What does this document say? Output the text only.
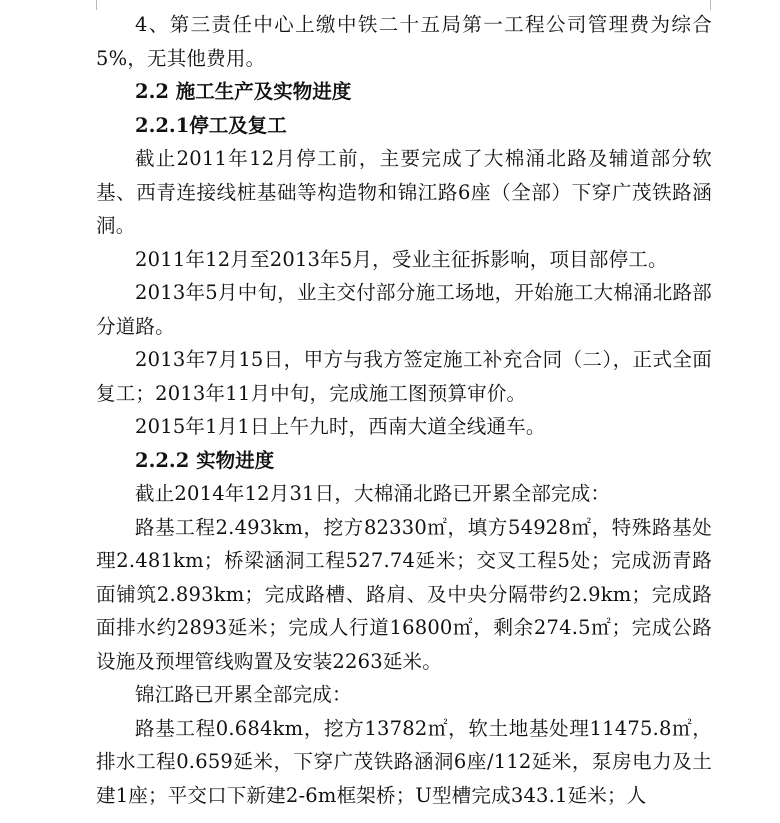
4、第三责任中心上缴中铁二十五局第一工程公司管理费为综合5%，无其他费用。

2.2 施工生产及实物进度

2.2.1停工及复工

截止2011年12月停工前，主要完成了大棉涌北路及辅道部分软基、西青连接线桩基础等构造物和锦江路6座（全部）下穿广茂铁路涵洞。

2011年12月至2013年5月，受业主征拆影响，项目部停工。

2013年5月中旬，业主交付部分施工场地，开始施工大棉涌北路部分道路。

2013年7月15日，甲方与我方签定施工补充合同（二），正式全面复工；2013年11月中旬，完成施工图预算审价。

2015年1月1日上午九时，西南大道全线通车。

2.2.2 实物进度

截止2014年12月31日，大棉涌北路已开累全部完成：

路基工程2.493km，挖方82330㎡，填方54928㎡，特殊路基处理2.481km；桥梁涵洞工程527.74延米；交叉工程5处；完成沥青路面铺筑2.893km；完成路槽、路肩、及中央分隔带约2.9km；完成路面排水约2893延米；完成人行道16800㎡，剩余274.5㎡；完成公路设施及预埋管线购置及安装2263延米。

锦江路已开累全部完成：

路基工程0.684km，挖方13782㎡，软土地基处理11475.8㎡，排水工程0.659延米，下穿广茂铁路涵洞6座/112延米，泵房电力及土建1座；平交口下新建2-6m框架桥；U型槽完成343.1延米；人
